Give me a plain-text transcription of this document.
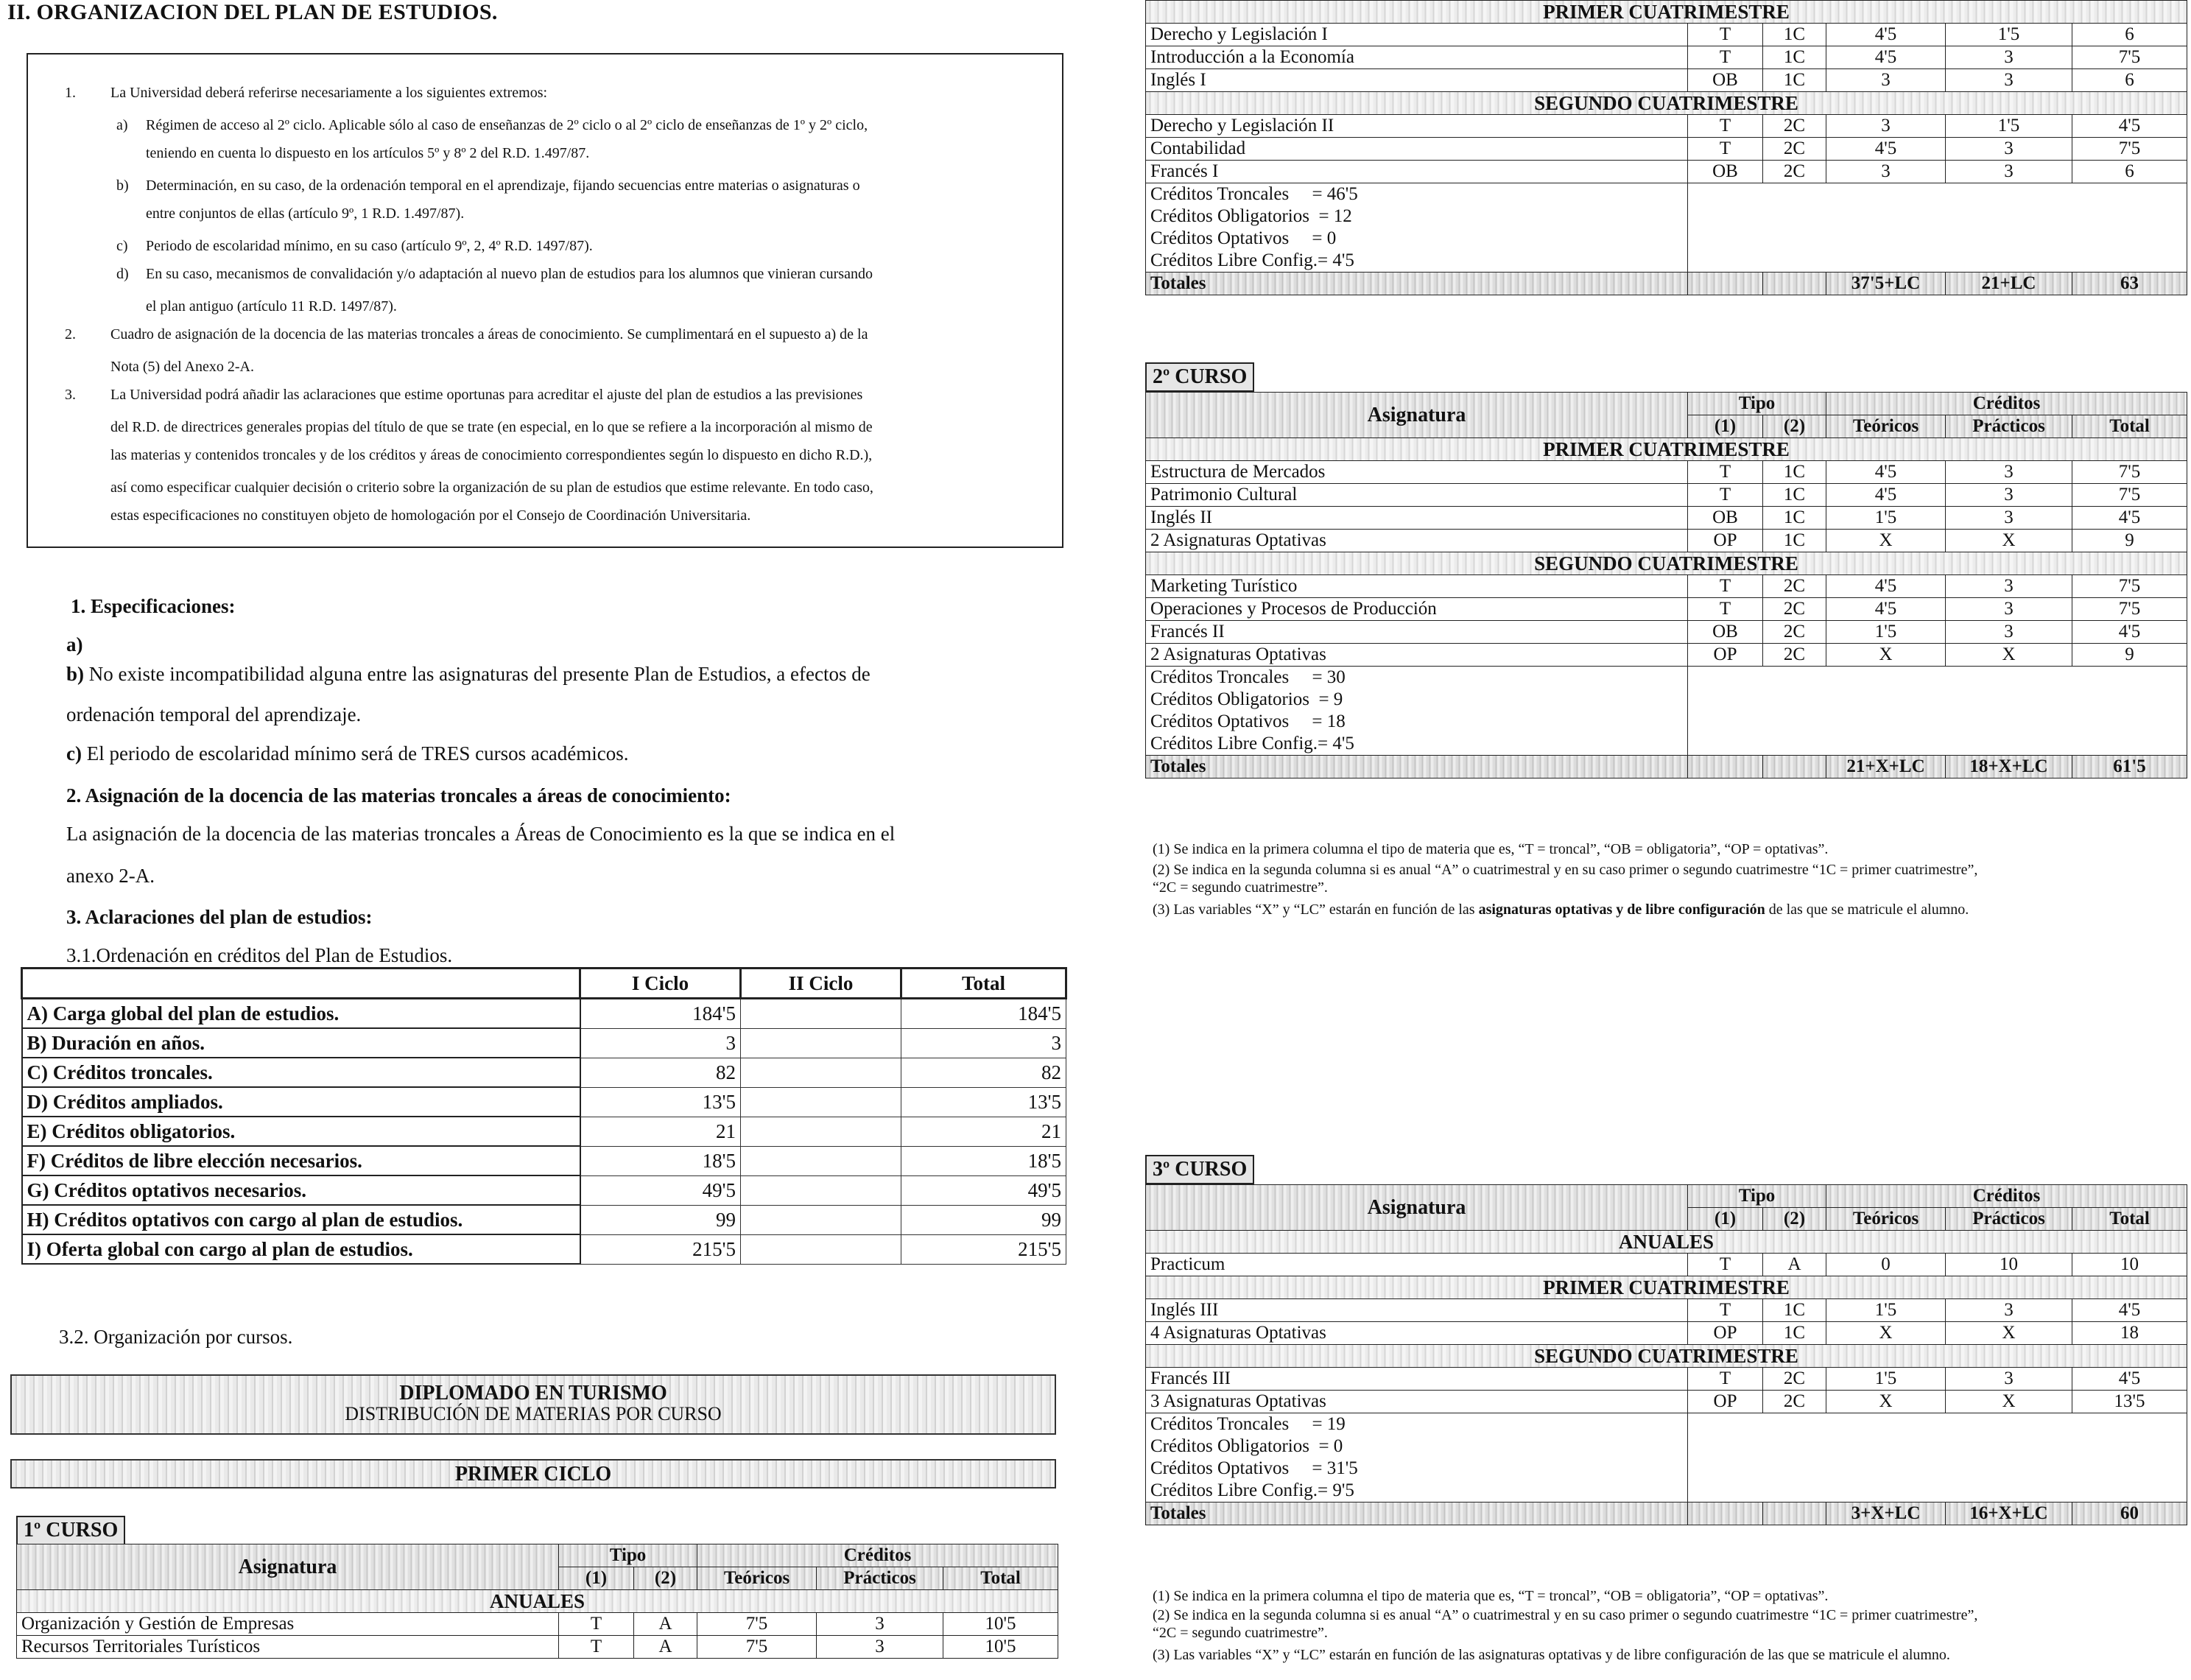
II. ORGANIZACION DEL PLAN DE ESTUDIOS.
1. La Universidad deberá referirse necesariamente a los siguientes extremos:
a) Régimen de acceso al 2º ciclo. Aplicable sólo al caso de enseñanzas de 2º ciclo o al 2º ciclo de enseñanzas de 1º y 2º ciclo,
teniendo en cuenta lo dispuesto en los artículos 5º y 8º 2 del R.D. 1.497/87.
b) Determinación, en su caso, de la ordenación temporal en el aprendizaje, fijando secuencias entre materias o asignaturas o
entre conjuntos de ellas (artículo 9º, 1 R.D. 1.497/87).
c) Periodo de escolaridad mínimo, en su caso (artículo 9º, 2, 4º R.D. 1497/87).
d) En su caso, mecanismos de convalidación y/o adaptación al nuevo plan de estudios para los alumnos que vinieran cursando
el plan antiguo (artículo 11 R.D. 1497/87).
2. Cuadro de asignación de la docencia de las materias troncales a áreas de conocimiento. Se cumplimentará en el supuesto a) de la
Nota (5) del Anexo 2-A.
3. La Universidad podrá añadir las aclaraciones que estime oportunas para acreditar el ajuste del plan de estudios a las previsiones
del R.D. de directrices generales propias del título de que se trate (en especial, en lo que se refiere a la incorporación al mismo de
las materias y contenidos troncales y de los créditos y áreas de conocimiento correspondientes según lo dispuesto en dicho R.D.),
así como especificar cualquier decisión o criterio sobre la organización de su plan de estudios que estime relevante. En todo caso,
estas especificaciones no constituyen objeto de homologación por el Consejo de Coordinación Universitaria.
1. Especificaciones:
a)
b) No existe incompatibilidad alguna entre las asignaturas del presente Plan de Estudios, a efectos de
ordenación temporal del aprendizaje.
c) El periodo de escolaridad mínimo será de TRES cursos académicos.
2. Asignación de la docencia de las materias troncales a áreas de conocimiento:
La asignación de la docencia de las materias troncales a Áreas de Conocimiento es la que se indica en el
anexo 2-A.
3. Aclaraciones del plan de estudios:
3.1.Ordenación en créditos del Plan de Estudios.
	I Ciclo	II Ciclo	Total
A) Carga global del plan de estudios.	184'5		184'5
B) Duración en años.	3		3
C) Créditos troncales.	82		82
D) Créditos ampliados.	13'5		13'5
E) Créditos obligatorios.	21		21
F) Créditos de libre elección necesarios.	18'5		18'5
G) Créditos optativos necesarios.	49'5		49'5
H) Créditos optativos con cargo al plan de estudios.	99		99
I) Oferta global con cargo al plan de estudios.	215'5		215'5
3.2. Organización por cursos.
DIPLOMADO EN TURISMO
DISTRIBUCIÓN DE MATERIAS POR CURSO
PRIMER CICLO
1º CURSO
Asignatura	Tipo		Créditos		
	(1)	(2)	Teóricos	Prácticos	Total
ANUALES					
Organización y Gestión de Empresas	T	A	7'5	3	10'5
Recursos Territoriales Turísticos	T	A	7'5	3	10'5
PRIMER CUATRIMESTRE					
Derecho y Legislación I	T	1C	4'5	1'5	6
Introducción a la Economía	T	1C	4'5	3	7'5
Inglés I	OB	1C	3	3	6
SEGUNDO CUATRIMESTRE					
Derecho y Legislación II	T	2C	3	1'5	4'5
Contabilidad	T	2C	4'5	3	7'5
Francés I	OB	2C	3	3	6
Créditos Troncales     = 46'5					
Créditos Obligatorios  = 12					
Créditos Optativos     = 0					
Créditos Libre Config.= 4'5					
Totales			37'5+LC	21+LC	63
2º CURSO
Asignatura	Tipo		Créditos		
	(1)	(2)	Teóricos	Prácticos	Total
PRIMER CUATRIMESTRE					
Estructura de Mercados	T	1C	4'5	3	7'5
Patrimonio Cultural	T	1C	4'5	3	7'5
Inglés II	OB	1C	1'5	3	4'5
2 Asignaturas Optativas	OP	1C	X	X	9
SEGUNDO CUATRIMESTRE					
Marketing Turístico	T	2C	4'5	3	7'5
Operaciones y Procesos de Producción	T	2C	4'5	3	7'5
Francés II	OB	2C	1'5	3	4'5
2 Asignaturas Optativas	OP	2C	X	X	9
Créditos Troncales     = 30					
Créditos Obligatorios  = 9					
Créditos Optativos     = 18					
Créditos Libre Config.= 4'5					
Totales			21+X+LC	18+X+LC	61'5
(1) Se indica en la primera columna el tipo de materia que es, “T = troncal”, “OB = obligatoria”, “OP = optativas”.
(2) Se indica en la segunda columna si es anual “A” o cuatrimestral y en su caso primer o segundo cuatrimestre “1C = primer cuatrimestre”,
“2C = segundo cuatrimestre”.
(3) Las variables “X” y “LC” estarán en función de las asignaturas optativas y de libre configuración de las que se matricule el alumno.
3º CURSO
Asignatura	Tipo		Créditos		
	(1)	(2)	Teóricos	Prácticos	Total
ANUALES					
Practicum	T	A	0	10	10
PRIMER CUATRIMESTRE					
Inglés III	T	1C	1'5	3	4'5
4 Asignaturas Optativas	OP	1C	X	X	18
SEGUNDO CUATRIMESTRE					
Francés III	T	2C	1'5	3	4'5
3 Asignaturas Optativas	OP	2C	X	X	13'5
Créditos Troncales     = 19					
Créditos Obligatorios  = 0					
Créditos Optativos     = 31'5					
Créditos Libre Config.= 9'5					
Totales			3+X+LC	16+X+LC	60
(1) Se indica en la primera columna el tipo de materia que es, “T = troncal”, “OB = obligatoria”, “OP = optativas”.
(2) Se indica en la segunda columna si es anual “A” o cuatrimestral y en su caso primer o segundo cuatrimestre “1C = primer cuatrimestre”,
“2C = segundo cuatrimestre”.
(3) Las variables “X” y “LC” estarán en función de las asignaturas optativas y de libre configuración de las que se matricule el alumno.
